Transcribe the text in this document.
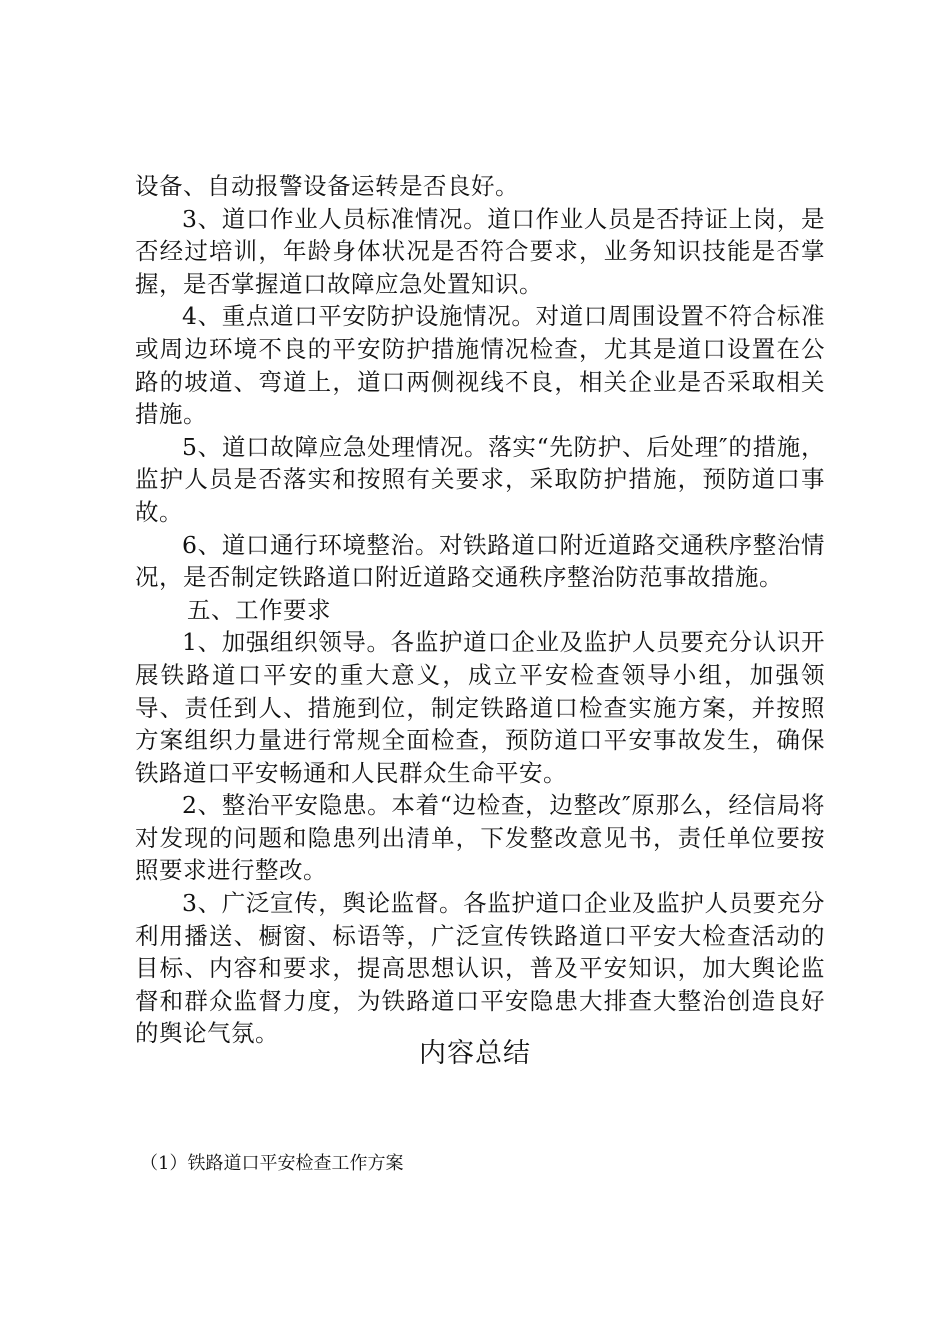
设备、自动报警设备运转是否良好。

3、道口作业人员标准情况。道口作业人员是否持证上岗，是否经过培训，年龄身体状况是否符合要求，业务知识技能是否掌握，是否掌握道口故障应急处置知识。

4、重点道口平安防护设施情况。对道口周围设置不符合标准或周边环境不良的平安防护措施情况检查，尤其是道口设置在公路的坡道、弯道上，道口两侧视线不良，相关企业是否采取相关措施。

5、道口故障应急处理情况。落实“先防护、后处理″的措施，监护人员是否落实和按照有关要求，采取防护措施，预防道口事故。

6、道口通行环境整治。对铁路道口附近道路交通秩序整治情况，是否制定铁路道口附近道路交通秩序整治防范事故措施。

五、工作要求

1、加强组织领导。各监护道口企业及监护人员要充分认识开展铁路道口平安的重大意义，成立平安检查领导小组，加强领导、责任到人、措施到位，制定铁路道口检查实施方案，并按照方案组织力量进行常规全面检查，预防道口平安事故发生，确保铁路道口平安畅通和人民群众生命平安。

2、整治平安隐患。本着“边检查，边整改″原那么，经信局将对发现的问题和隐患列出清单，下发整改意见书，责任单位要按照要求进行整改。

3、广泛宣传，舆论监督。各监护道口企业及监护人员要充分利用播送、橱窗、标语等，广泛宣传铁路道口平安大检查活动的目标、内容和要求，提高思想认识，普及平安知识，加大舆论监督和群众监督力度，为铁路道口平安隐患大排查大整治创造良好的舆论气氛。

内容总结
（1）铁路道口平安检查工作方案
